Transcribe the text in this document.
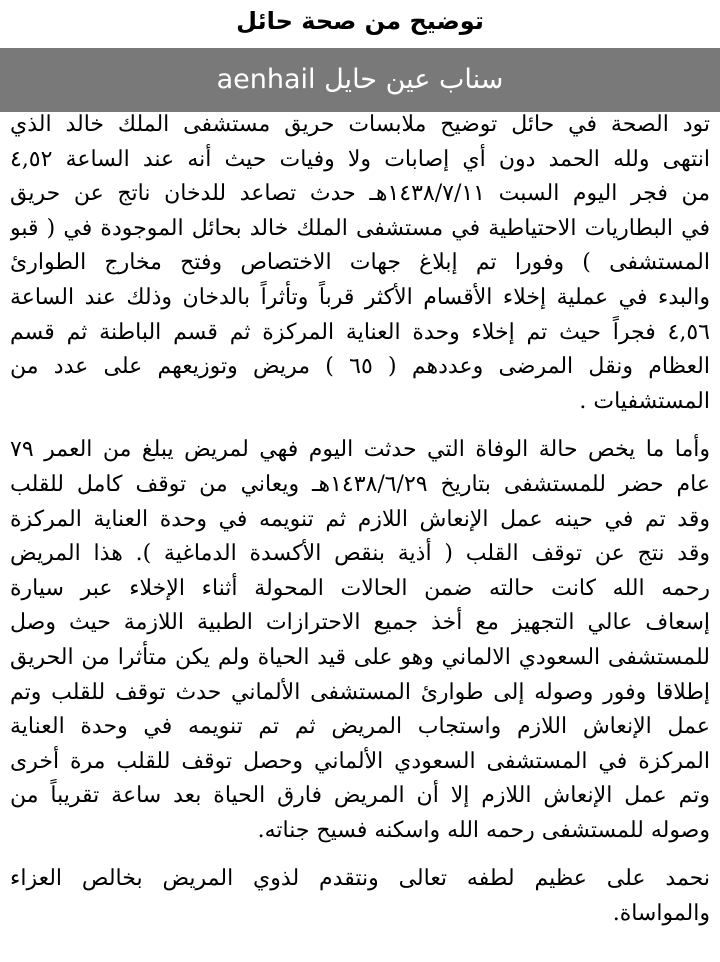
توضيح من صحة حائل
سناب عين حايل aenhail
تود الصحة في حائل توضيح ملابسات حريق مستشفى الملك خالد الذي
انتهى ولله الحمد دون أي إصابات ولا وفيات حيث أنه عند الساعة ٤,٥٢
من فجر اليوم السبت ١٤٣٨/٧/١١هـ حدث تصاعد للدخان ناتج عن حريق
في البطاريات الاحتياطية في مستشفى الملك خالد بحائل الموجودة في ( قبو
المستشفى ) وفورا تم إبلاغ جهات الاختصاص وفتح مخارج الطوارئ
والبدء في عملية إخلاء الأقسام الأكثر قرباً وتأثراً بالدخان وذلك عند الساعة
٤,٥٦ فجراً حيث تم إخلاء وحدة العناية المركزة ثم قسم الباطنة ثم قسم
العظام ونقل المرضى وعددهم ( ٦٥ ) مريض وتوزيعهم على عدد من
المستشفيات .
وأما ما يخص حالة الوفاة التي حدثت اليوم فهي لمريض يبلغ من العمر ٧٩
عام حضر للمستشفى بتاريخ ١٤٣٨/٦/٢٩هـ ويعاني من توقف كامل للقلب
وقد تم في حينه عمل الإنعاش اللازم ثم تنويمه في وحدة العناية المركزة
وقد نتج عن توقف القلب ( أذية بنقص الأكسدة الدماغية ). هذا المريض
رحمه الله كانت حالته ضمن الحالات المحولة أثناء الإخلاء عبر سيارة
إسعاف عالي التجهيز مع أخذ جميع الاحترازات الطبية اللازمة حيث وصل
للمستشفى السعودي الالماني وهو على قيد الحياة ولم يكن متأثرا من الحريق
إطلاقا وفور وصوله إلى طوارئ المستشفى الألماني حدث توقف للقلب وتم
عمل الإنعاش اللازم واستجاب المريض ثم تم تنويمه في وحدة العناية
المركزة في المستشفى السعودي الألماني وحصل توقف للقلب مرة أخرى
وتم عمل الإنعاش اللازم إلا أن المريض فارق الحياة بعد ساعة تقريباً من
وصوله للمستشفى رحمه الله واسكنه فسيح جناته.
نحمد على عظيم لطفه تعالى ونتقدم لذوي المريض بخالص العزاء
والمواساة.
